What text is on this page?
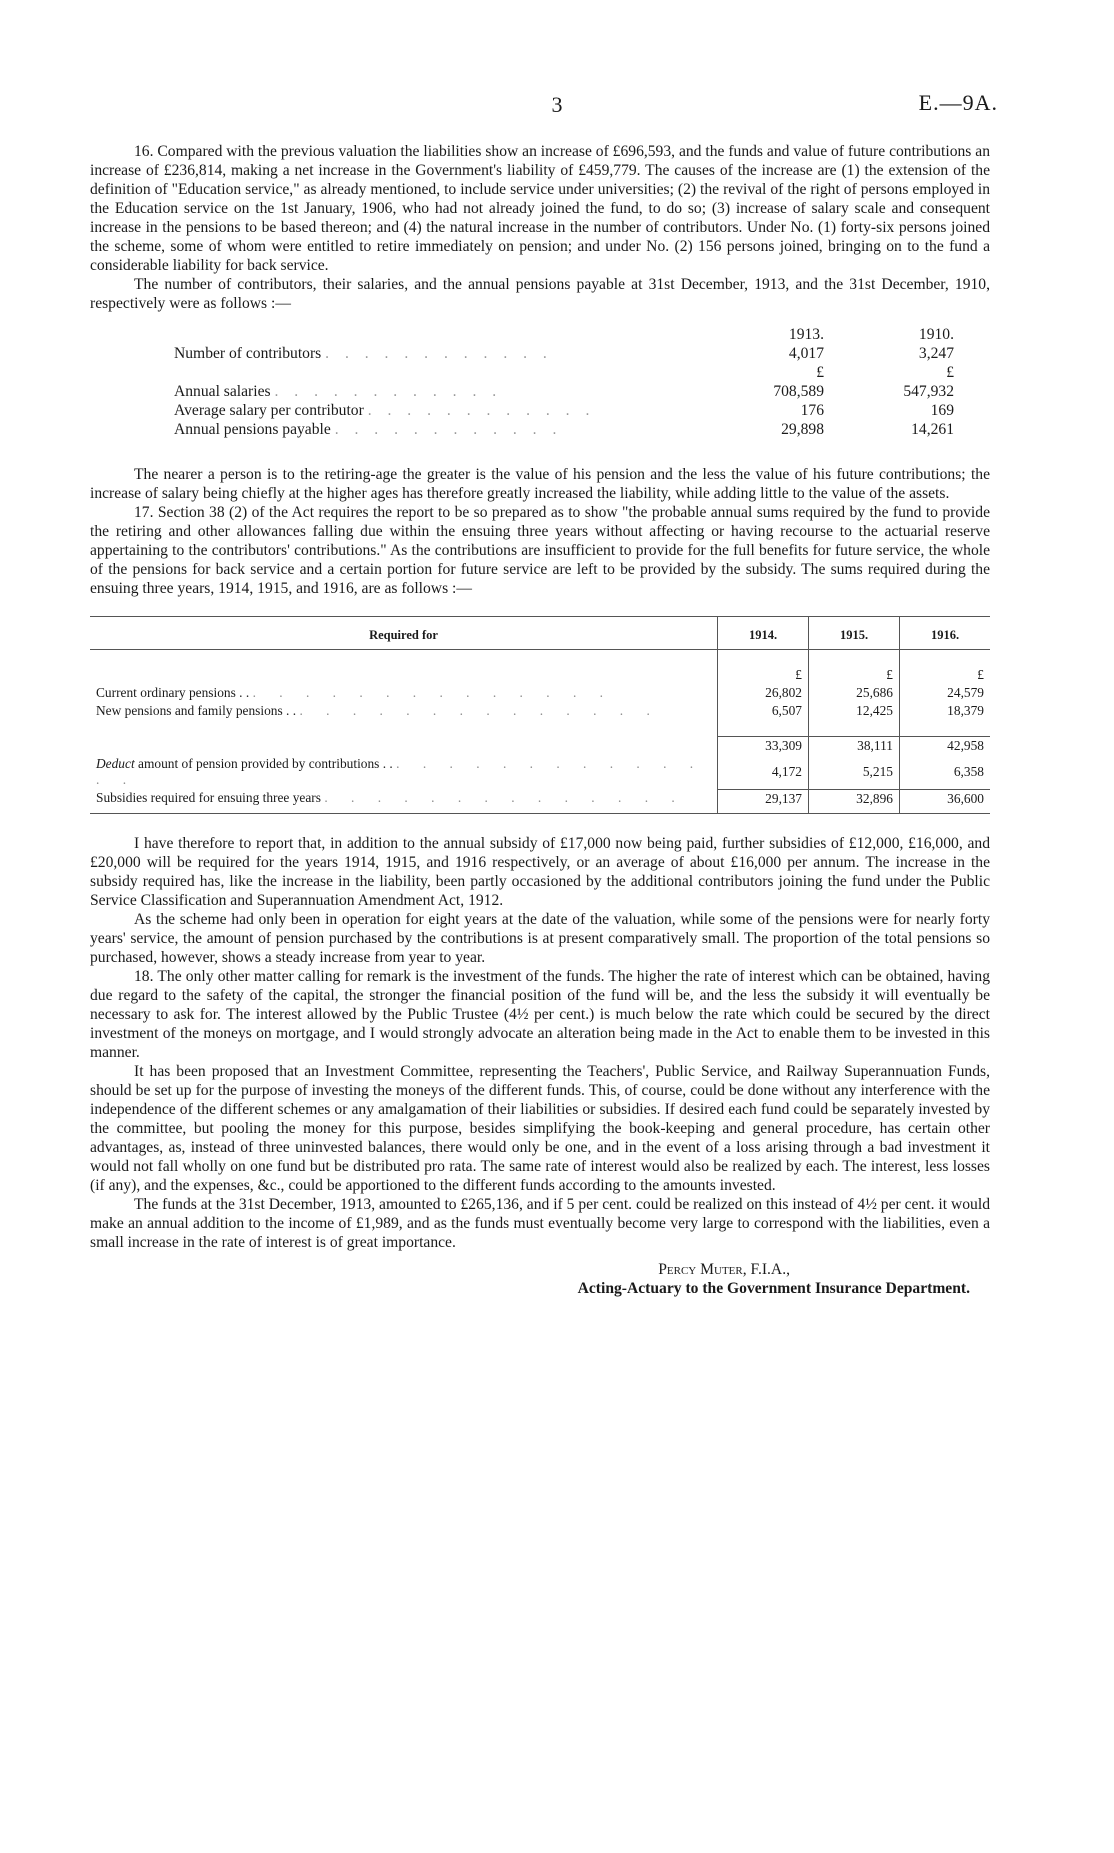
3	E.—9A.

16. Compared with the previous valuation the liabilities show an increase of £696,593, and the funds and value of future contributions an increase of £236,814, making a net increase in the Government's liability of £459,779. The causes of the increase are (1) the extension of the definition of "Education service," as already mentioned, to include service under universities; (2) the revival of the right of persons employed in the Education service on the 1st January, 1906, who had not already joined the fund, to do so; (3) increase of salary scale and consequent increase in the pensions to be based thereon; and (4) the natural increase in the number of contributors. Under No. (1) forty-six persons joined the scheme, some of whom were entitled to retire immediately on pension; and under No. (2) 156 persons joined, bringing on to the fund a considerable liability for back service.

The number of contributors, their salaries, and the annual pensions payable at 31st December, 1913, and the 31st December, 1910, respectively were as follows :—

	1913.	1910.
Number of contributors . . . . . . . . . . . .	4,017	3,247
	£	£
Annual salaries . . . . . . . . . . . .	708,589	547,932
Average salary per contributor . . . . . . . . . . . .	176	169
Annual pensions payable . . . . . . . . . . . .	29,898	14,261

The nearer a person is to the retiring-age the greater is the value of his pension and the less the value of his future contributions; the increase of salary being chiefly at the higher ages has therefore greatly increased the liability, while adding little to the value of the assets.

17. Section 38 (2) of the Act requires the report to be so prepared as to show "the probable annual sums required by the fund to provide the retiring and other allowances falling due within the ensuing three years without affecting or having recourse to the actuarial reserve appertaining to the contributors' contributions." As the contributions are insufficient to provide for the full benefits for future service, the whole of the pensions for back service and a certain portion for future service are left to be provided by the subsidy. The sums required during the ensuing three years, 1914, 1915, and 1916, are as follows :—

Required for	1914.	1915.	1916.

	£	£	£
Current ordinary pensions . . . . . . . . . . . . . . . .	26,802	25,686	24,579
New pensions and family pensions . . . . . . . . . . . . . . . .	6,507	12,425	18,379

	33,309	38,111	42,958
Deduct amount of pension provided by contributions . . . . . . . . . . . . . . . .	4,172	5,215	6,358
Subsidies required for ensuing three years . . . . . . . . . . . . . .	29,137	32,896	36,600

I have therefore to report that, in addition to the annual subsidy of £17,000 now being paid, further subsidies of £12,000, £16,000, and £20,000 will be required for the years 1914, 1915, and 1916 respectively, or an average of about £16,000 per annum. The increase in the subsidy required has, like the increase in the liability, been partly occasioned by the additional contributors joining the fund under the Public Service Classification and Superannuation Amendment Act, 1912.

As the scheme had only been in operation for eight years at the date of the valuation, while some of the pensions were for nearly forty years' service, the amount of pension purchased by the contributions is at present comparatively small. The proportion of the total pensions so purchased, however, shows a steady increase from year to year.

18. The only other matter calling for remark is the investment of the funds. The higher the rate of interest which can be obtained, having due regard to the safety of the capital, the stronger the financial position of the fund will be, and the less the subsidy it will eventually be necessary to ask for. The interest allowed by the Public Trustee (4½ per cent.) is much below the rate which could be secured by the direct investment of the moneys on mortgage, and I would strongly advocate an alteration being made in the Act to enable them to be invested in this manner.

It has been proposed that an Investment Committee, representing the Teachers', Public Service, and Railway Superannuation Funds, should be set up for the purpose of investing the moneys of the different funds. This, of course, could be done without any interference with the independence of the different schemes or any amalgamation of their liabilities or subsidies. If desired each fund could be separately invested by the committee, but pooling the money for this purpose, besides simplifying the book-keeping and general procedure, has certain other advantages, as, instead of three uninvested balances, there would only be one, and in the event of a loss arising through a bad investment it would not fall wholly on one fund but be distributed pro rata. The same rate of interest would also be realized by each. The interest, less losses (if any), and the expenses, &c., could be apportioned to the different funds according to the amounts invested.

The funds at the 31st December, 1913, amounted to £265,136, and if 5 per cent. could be realized on this instead of 4½ per cent. it would make an annual addition to the income of £1,989, and as the funds must eventually become very large to correspond with the liabilities, even a small increase in the rate of interest is of great importance.

Percy Muter, F.I.A.,
Acting-Actuary to the Government Insurance Department.
